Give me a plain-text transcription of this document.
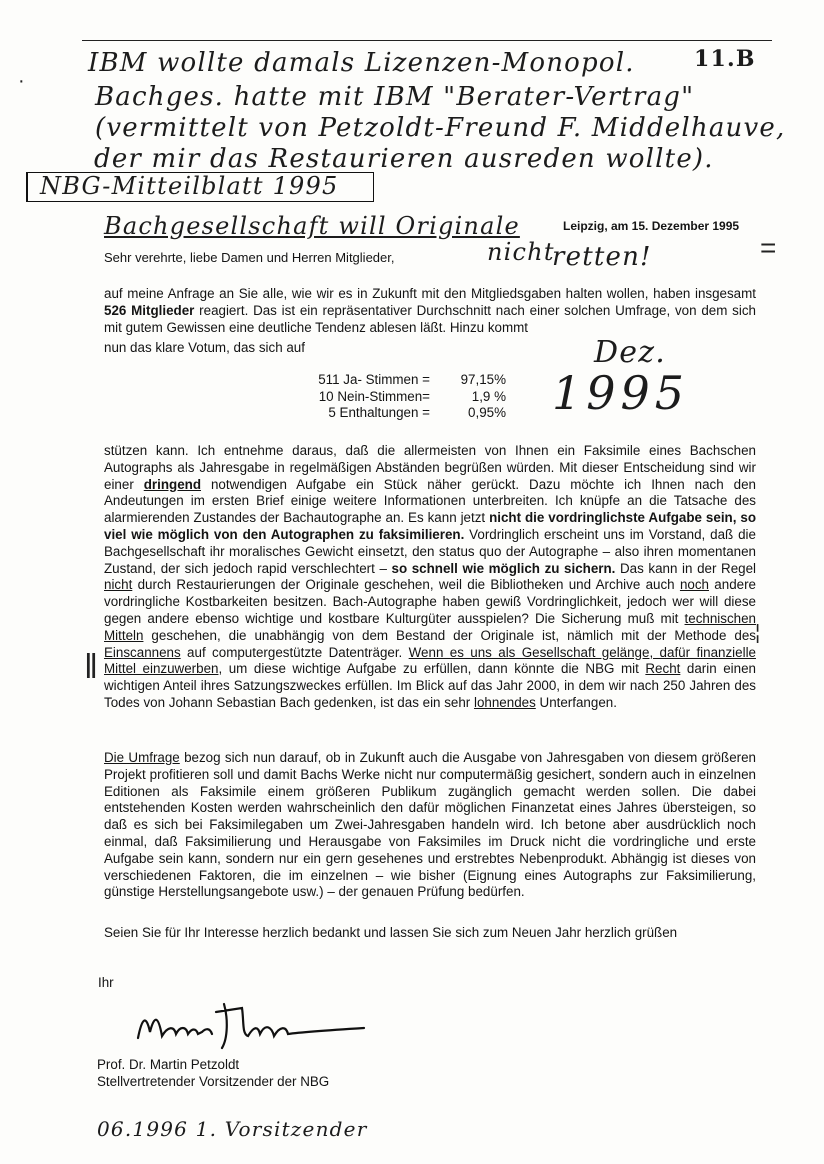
IBM wollte damals Lizenzen-Monopol.	11.B
Bachges. hatte mit IBM "Berater-Vertrag"
(vermittelt von Petzoldt-Freund F. Middelhauve,
der mir das Restaurieren ausreden wollte).
NBG-Mitteilblatt 1995
Bachgesellschaft will Originale
nicht
retten!
Leipzig, am 15. Dezember 1995
Sehr verehrte, liebe Damen und Herren Mitglieder,
auf meine Anfrage an Sie alle, wie wir es in Zukunft mit den Mitgliedsgaben halten wollen, haben insgesamt 526 Mitglieder reagiert. Das ist ein repräsentativer Durchschnitt nach einer solchen Umfrage, von dem sich mit gutem Gewissen eine deutliche Tendenz ablesen läßt. Hinzu kommt
nun das klare Votum, das sich auf	Dez.
1995
511 Ja- Stimmen =	97,15%
10 Nein-Stimmen=	1,9 %
5 Enthaltungen =	0,95%
stützen kann. Ich entnehme daraus, daß die allermeisten von Ihnen ein Faksimile eines Bachschen Autographs als Jahresgabe in regelmäßigen Abständen begrüßen würden. Mit dieser Entscheidung sind wir einer dringend notwendigen Aufgabe ein Stück näher gerückt. Dazu möchte ich Ihnen nach den Andeutungen im ersten Brief einige weitere Informationen unterbreiten. Ich knüpfe an die Tatsache des alarmierenden Zustandes der Bachautographe an. Es kann jetzt nicht die vordringlichste Aufgabe sein, so viel wie möglich von den Autographen zu faksimilieren. Vordringlich erscheint uns im Vorstand, daß die Bachgesellschaft ihr moralisches Gewicht einsetzt, den status quo der Autographe – also ihren momentanen Zustand, der sich jedoch rapid verschlechtert – so schnell wie möglich zu sichern. Das kann in der Regel nicht durch Restaurierungen der Originale geschehen, weil die Bibliotheken und Archive auch noch andere vordringliche Kostbarkeiten besitzen. Bach-Autographe haben gewiß Vordringlichkeit, jedoch wer will diese gegen andere ebenso wichtige und kostbare Kulturgüter ausspielen? Die Sicherung muß mit technischen Mitteln geschehen, die unabhängig von dem Bestand der Originale ist, nämlich mit der Methode des Einscannens auf computergestützte Datenträger. Wenn es uns als Gesellschaft gelänge, dafür finanzielle Mittel einzuwerben, um diese wichtige Aufgabe zu erfüllen, dann könnte die NBG mit Recht darin einen wichtigen Anteil ihres Satzungszweckes erfüllen. Im Blick auf das Jahr 2000, in dem wir nach 250 Jahren des Todes von Johann Sebastian Bach gedenken, ist das ein sehr lohnendes Unterfangen.
Die Umfrage bezog sich nun darauf, ob in Zukunft auch die Ausgabe von Jahresgaben von diesem größeren Projekt profitieren soll und damit Bachs Werke nicht nur computermäßig gesichert, sondern auch in einzelnen Editionen als Faksimile einem größeren Publikum zugänglich gemacht werden sollen. Die dabei entstehenden Kosten werden wahrscheinlich den dafür möglichen Finanzetat eines Jahres übersteigen, so daß es sich bei Faksimilegaben um Zwei-Jahresgaben handeln wird. Ich betone aber ausdrücklich noch einmal, daß Faksimilierung und Herausgabe von Faksimiles im Druck nicht die vordringliche und erste Aufgabe sein kann, sondern nur ein gern gesehenes und erstrebtes Nebenprodukt. Abhängig ist dieses von verschiedenen Faktoren, die im einzelnen – wie bisher (Eignung eines Autographs zur Faksimilierung, günstige Herstellungsangebote usw.) – der genauen Prüfung bedürfen.
Seien Sie für Ihr Interesse herzlich bedankt und lassen Sie sich zum Neuen Jahr herzlich grüßen
Ihr
Prof. Dr. Martin Petzoldt
Stellvertretender Vorsitzender der NBG
06.1996 1. Vorsitzender
·
=
¦
‖
